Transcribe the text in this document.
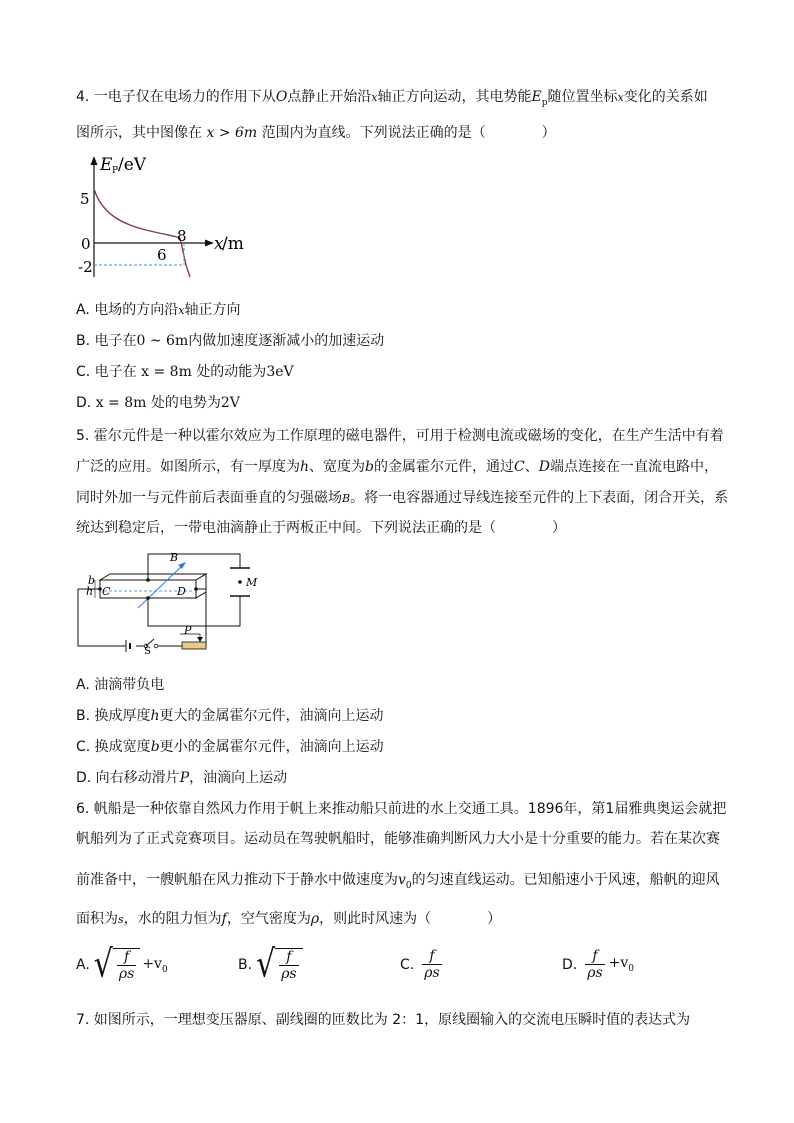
4. 一电子仅在电场力的作用下从O点静止开始沿x轴正方向运动，其电势能$E_p$随位置坐标x变化的关系如
图所示，其中图像在 x > 6m 范围内为直线。下列说法正确的是（	）
E P /eV
5
0
-2
6
8 x
/m
A. 电场的方向沿x轴正方向
B. 电子在0 ~ 6m内做加速度逐渐减小的加速运动
C. 电子在 x = 8m 处的动能为3eV
D. x = 8m 处的电势为2V
5. 霍尔元件是一种以霍尔效应为工作原理的磁电器件，可用于检测电流或磁场的变化，在生产生活中有着
广泛的应用。如图所示，有一厚度为h、宽度为b的金属霍尔元件，通过C、D端点连接在一直流电路中，
同时外加一与元件前后表面垂直的匀强磁场B。将一电容器通过导线连接至元件的上下表面，闭合开关，系
统达到稳定后，一带电油滴静止于两板正中间。下列说法正确的是（	）
B
b
h C	D
S
P
M
A. 油滴带负电
B. 换成厚度h更大的金属霍尔元件，油滴向上运动
C. 换成宽度b更小的金属霍尔元件，油滴向上运动
D. 向右移动滑片P，油滴向上运动
6. 帆船是一种依靠自然风力作用于帆上来推动船只前进的水上交通工具。1896年，第1届雅典奥运会就把
帆船列为了正式竞赛项目。运动员在驾驶帆船时，能够准确判断风力大小是十分重要的能力。若在某次赛
前准备中，一艘帆船在风力推动下于静水中做速度为$v_0$的匀速直线运动。已知船速小于风速，船帆的迎风
面积为s，水的阻力恒为f，空气密度为ρ，则此时风速为（	）
A. √ $\frac{f}{\rho s} +v_0$	B. √ $\frac{f}{\rho s}$	C. $\frac{f}{\rho s}$	D. $\frac{f}{\rho s} +v_0$
7. 如图所示，一理想变压器原、副线圈的匝数比为 2：1，原线圈输入的交流电压瞬时值的表达式为
